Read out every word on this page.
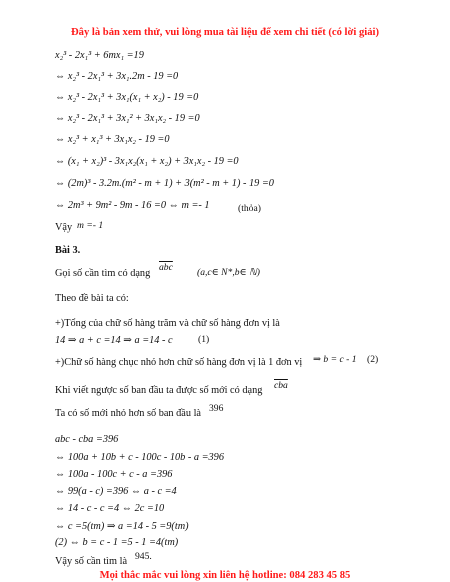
Đây là bản xem thử, vui lòng mua tài liệu để xem chi tiết (có lời giải)
x₂³ - 2x₁³ + 6mx₁ =19
⇔ x₂³ - 2x₁³ + 3x₁.2m - 19 =0
⇔ x₂³ - 2x₁³ + 3x₁(x₁ + x₂) - 19 =0
⇔ x₂³ - 2x₁³ + 3x₁² + 3x₁x₂ - 19 =0
⇔ x₂³ + x₁³ + 3x₁x₂ - 19 =0
⇔ (x₁ + x₂)³ - 3x₁x₂(x₁ + x₂) + 3x₁x₂ - 19 =0
⇔ (2m)³ - 3.2m.(m² - m + 1) + 3(m² - m + 1) - 19 =0
⇔ 2m³ + 9m² - 9m - 16 =0 ⇔ m =- 1	(thỏa)
Vậy m =- 1
Bài 3.
Gọi số cần tìm có dạng
$\overline{abc}$	(a,c∈ N*,b∈ ℕ)
Theo đề bài ta có:
+)Tổng của chữ số hàng trăm và chữ số hàng đơn vị là
14 ⇒ a + c =14 ⇒ a =14 - c	(1)
+)Chữ số hàng chục nhỏ hơn chữ số hàng đơn vị là 1 đơn vị ⇒ b = c - 1 (2)
Khi viết ngược số ban đầu ta được số mới có dạng $\overline{cba}$
Ta có số mới nhỏ hơn số ban đầu là 396
abc - cba =396
⇔ 100a + 10b + c - 100c - 10b - a =396
⇔ 100a - 100c + c - a =396
⇔ 99(a - c) =396 ⇔ a - c =4
⇔ 14 - c - c =4 ⇔ 2c =10
⇔ c =5(tm) ⇒ a =14 - 5 =9(tm)
(2) ⇔ b = c - 1 =5 - 1 =4(tm)
Vậy số cần tìm là 945.
Mọi thắc mắc vui lòng xin liên hệ hotline: 084 283 45 85
